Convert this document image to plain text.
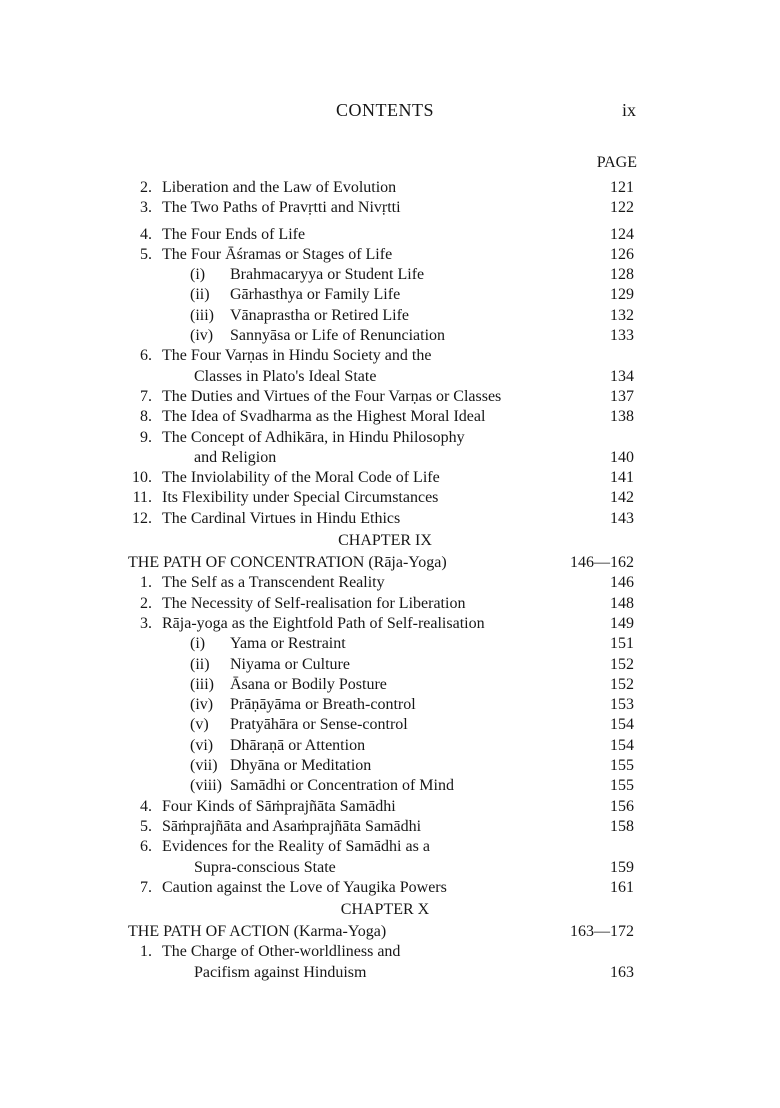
CONTENTS	ix
PAGE
2. Liberation and the Law of Evolution	121
3. The Two Paths of Pravṛtti and Nivṛtti	122
4. The Four Ends of Life	124
5. The Four Āśramas or Stages of Life	126
(i)	Brahmacaryya or Student Life	128
(ii)	Gārhasthya or Family Life	129
(iii)	Vānaprastha or Retired Life	132
(iv)	Sannyāsa or Life of Renunciation	133
6. The Four Varṇas in Hindu Society and the
Classes in Plato's Ideal State	134
7. The Duties and Virtues of the Four Varṇas or Classes	137
8. The Idea of Svadharma as the Highest Moral Ideal	138
9. The Concept of Adhikāra, in Hindu Philosophy
and Religion	140
10. The Inviolability of the Moral Code of Life	141
11. Its Flexibility under Special Circumstances	142
12. The Cardinal Virtues in Hindu Ethics	143
CHAPTER IX
THE PATH OF CONCENTRATION (Rāja-Yoga)	146—162
1. The Self as a Transcendent Reality	146
2. The Necessity of Self-realisation for Liberation	148
3. Rāja-yoga as the Eightfold Path of Self-realisation	149
(i)	Yama or Restraint	151
(ii)	Niyama or Culture	152
(iii)	Āsana or Bodily Posture	152
(iv)	Prāṇāyāma or Breath-control	153
(v)	Pratyāhāra or Sense-control	154
(vi)	Dhāraṇā or Attention	154
(vii) Dhyāna or Meditation	155
(viii) Samādhi or Concentration of Mind	155
4. Four Kinds of Sāṁprajñāta Samādhi	156
5. Sāṁprajñāta and Asaṁprajñāta Samādhi	158
6. Evidences for the Reality of Samādhi as a
Supra-conscious State	159
7. Caution against the Love of Yaugika Powers	161
CHAPTER X
THE PATH OF ACTION (Karma-Yoga)	163—172
1. The Charge of Other-worldliness and
Pacifism against Hinduism	163
